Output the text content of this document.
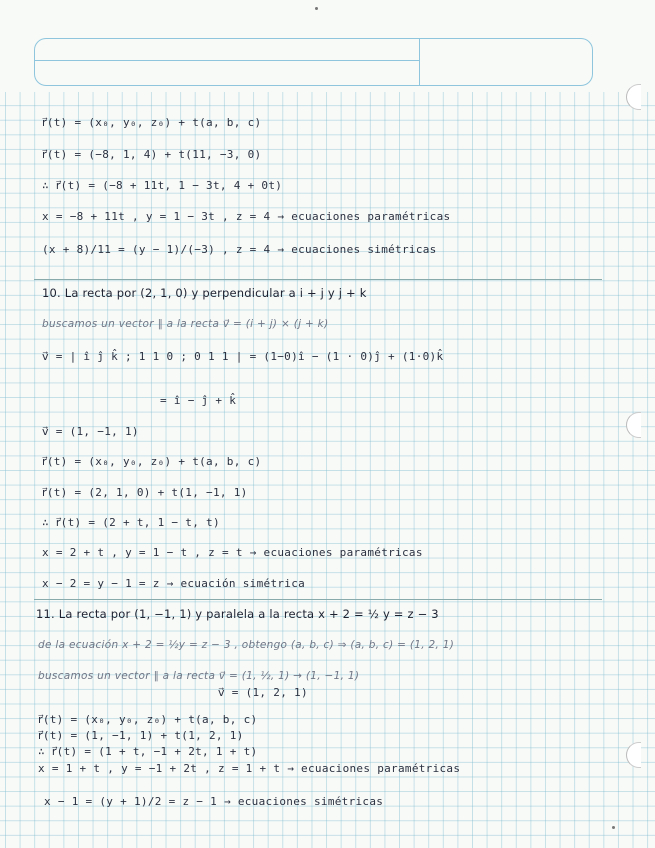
r⃗(t) = (x₀, y₀, z₀) + t(a, b, c)
r⃗(t) = (−8, 1, 4) + t(11, −3, 0)
∴ r⃗(t) = (−8 + 11t, 1 − 3t, 4 + 0t)
x = −8 + 11t , y = 1 − 3t , z = 4 → ecuaciones paramétricas
(x + 8)/11 = (y − 1)/(−3) , z = 4 → ecuaciones simétricas
10. La recta por (2, 1, 0) y perpendicular a i + j y j + k
buscamos un vector ∥ a la recta v⃗ = (i + j) × (j + k)
v⃗ = | î ĵ k̂ ; 1 1 0 ; 0 1 1 | = (1−0)î − (1 · 0)ĵ + (1·0)k̂
= î − ĵ + k̂
v⃗ = (1, −1, 1)
r⃗(t) = (x₀, y₀, z₀) + t(a, b, c)
r⃗(t) = (2, 1, 0) + t(1, −1, 1)
∴ r⃗(t) = (2 + t, 1 − t, t)
x = 2 + t , y = 1 − t , z = t → ecuaciones paramétricas
x − 2 = y − 1 = z → ecuación simétrica
11. La recta por (1, −1, 1) y paralela a la recta x + 2 = ½ y = z − 3
de la ecuación x + 2 = ½y = z − 3 , obtengo (a, b, c) ⇒ (a, b, c) = (1, 2, 1)
buscamos un vector ∥ a la recta v⃗ = (1, ½, 1) → (1, −1, 1)
v⃗ = (1, 2, 1)
r⃗(t) = (x₀, y₀, z₀) + t(a, b, c)
r⃗(t) = (1, −1, 1) + t(1, 2, 1)
∴ r⃗(t) = (1 + t, −1 + 2t, 1 + t)
x = 1 + t , y = −1 + 2t , z = 1 + t → ecuaciones paramétricas
x − 1 = (y + 1)/2 = z − 1 → ecuaciones simétricas
